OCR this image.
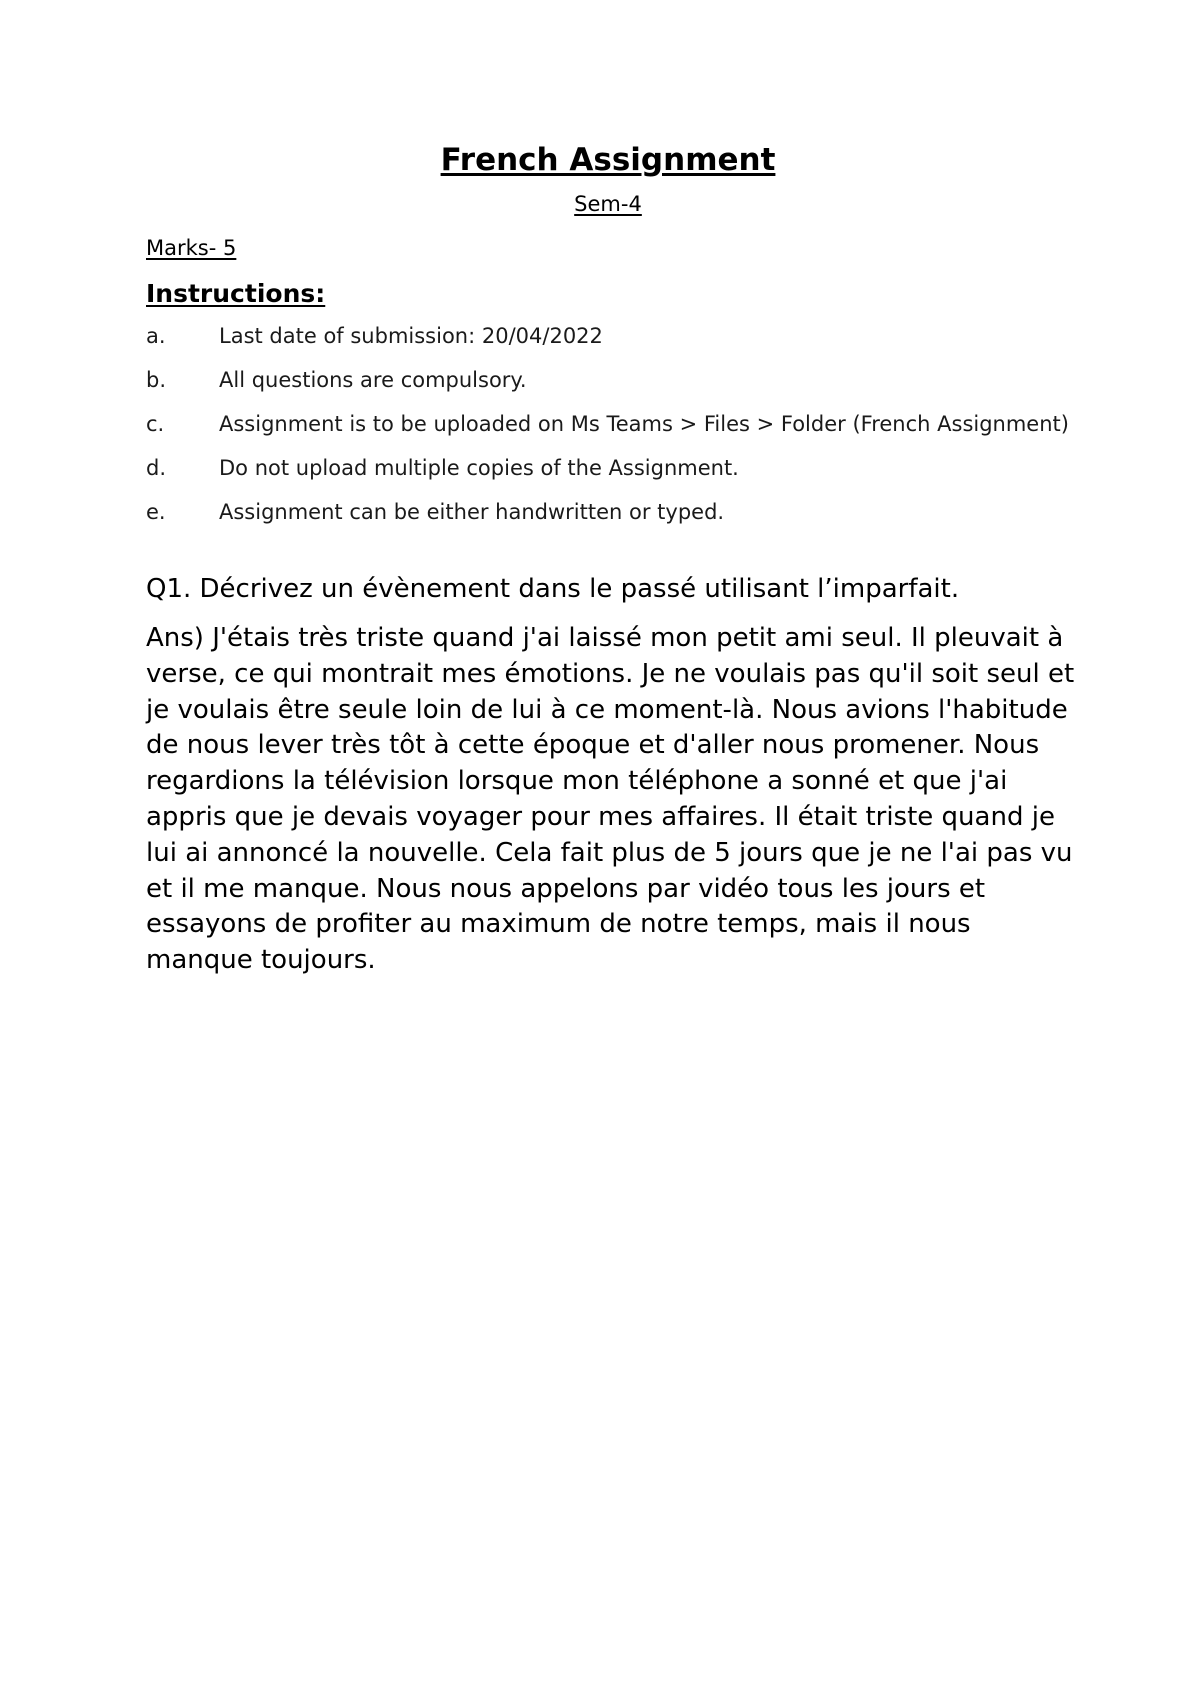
French Assignment

Sem-4

Marks- 5

Instructions:
a.	Last date of submission: 20/04/2022
b.	All questions are compulsory.
c.	Assignment is to be uploaded on Ms Teams > Files > Folder (French Assignment)
d.	Do not upload multiple copies of the Assignment.
e.	Assignment can be either handwritten or typed.

Q1. Décrivez un évènement dans le passé utilisant l’imparfait.

Ans) J'étais très triste quand j'ai laissé mon petit ami seul. Il pleuvait à verse, ce qui montrait mes émotions. Je ne voulais pas qu'il soit seul et je voulais être seule loin de lui à ce moment-là. Nous avions l'habitude de nous lever très tôt à cette époque et d'aller nous promener. Nous regardions la télévision lorsque mon téléphone a sonné et que j'ai appris que je devais voyager pour mes affaires. Il était triste quand je lui ai annoncé la nouvelle. Cela fait plus de 5 jours que je ne l'ai pas vu et il me manque. Nous nous appelons par vidéo tous les jours et essayons de profiter au maximum de notre temps, mais il nous manque toujours.
